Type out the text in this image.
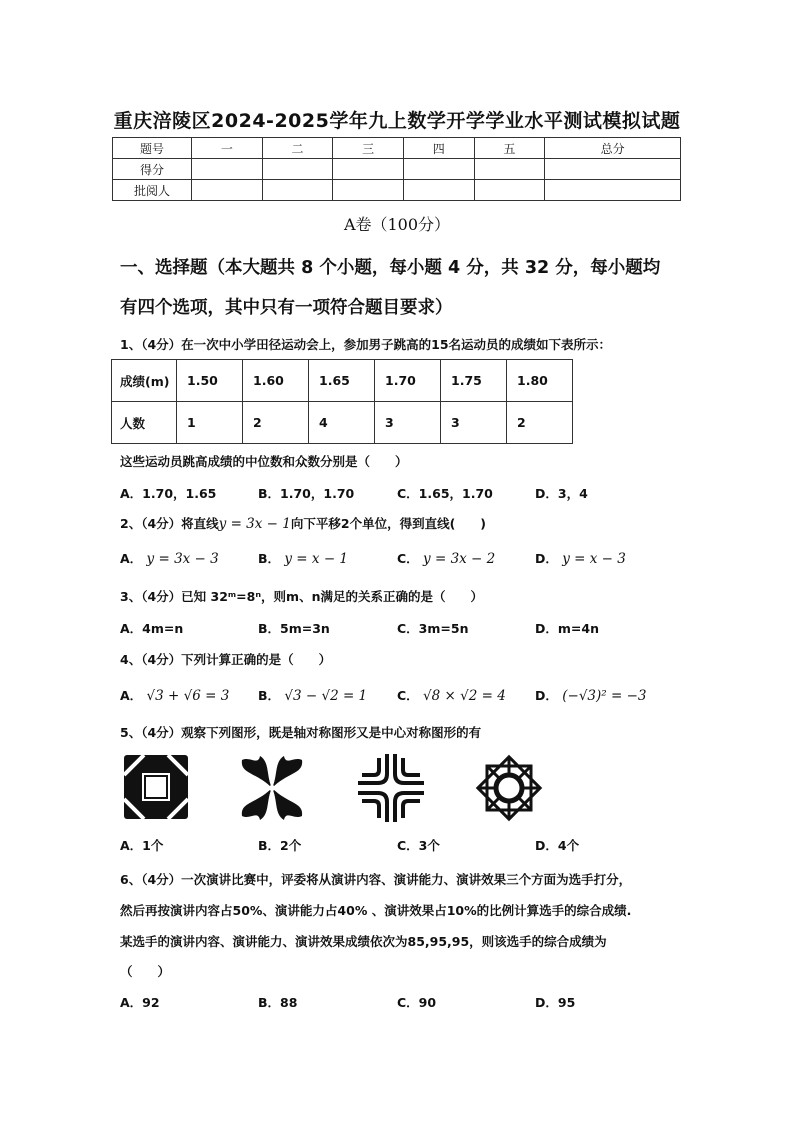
重庆涪陵区2024-2025学年九上数学开学学业水平测试模拟试题
题号	一	二	三	四	五	总分
得分						
批阅人						
A卷（100分）
一、选择题（本大题共 8 个小题，每小题 4 分，共 32 分，每小题均
有四个选项，其中只有一项符合题目要求）
1、（4分）在一次中小学田径运动会上，参加男子跳高的15名运动员的成绩如下表所示：
成绩(m)	1.50	1.60	1.65	1.70	1.75	1.80
人数	1	2	4	3	3	2
这些运动员跳高成绩的中位数和众数分别是（　　）
A．1.70，1.65	B．1.70，1.70	C．1.65，1.70	D．3，4
2、（4分）将直线y = 3x − 1向下平移2个单位，得到直线(　　)
A． y = 3x − 3	B． y = x − 1	C． y = 3x − 2	D． y = x − 3
3、（4分）已知 32ᵐ=8ⁿ，则m、n满足的关系正确的是（　　）
A．4m=n	B．5m=3n	C．3m=5n	D．m=4n
4、（4分）下列计算正确的是（　　）
A． √3 + √6 = 3 B． √3 − √2 = 1 C． √8 × √2 = 4 D． (−√3)² = −3
5、（4分）观察下列图形，既是轴对称图形又是中心对称图形的有
A．1个	B．2个	C．3个	D．4个
6、（4分）一次演讲比赛中，评委将从演讲内容、演讲能力、演讲效果三个方面为选手打分，
然后再按演讲内容占50%、演讲能力占40% 、演讲效果占10%的比例计算选手的综合成绩.
某选手的演讲内容、演讲能力、演讲效果成绩依次为85,95,95，则该选手的综合成绩为
（　　）
A．92	B．88	C．90	D．95
